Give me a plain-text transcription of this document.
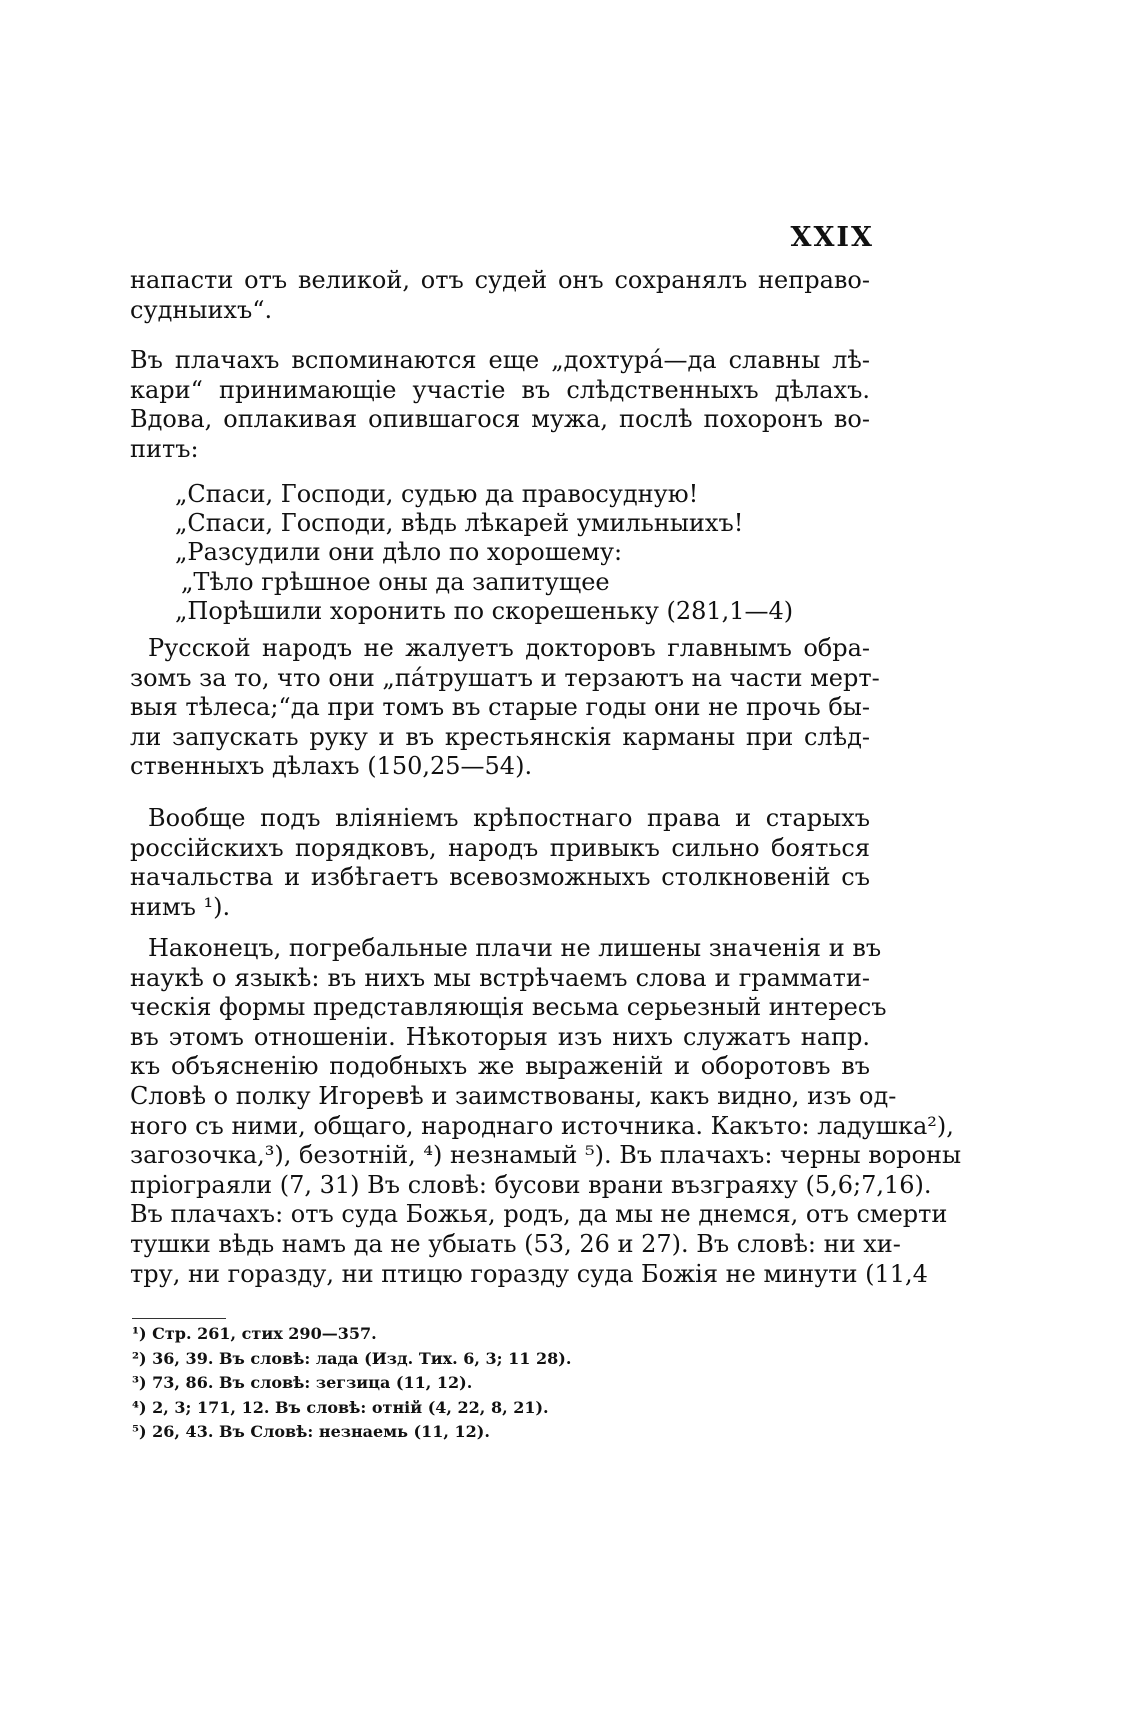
XXIX
напасти отъ великой, отъ судей онъ сохранялъ неправо-
судныихъ“.
Въ плачахъ вспоминаются еще „дохтурá—да славны лѣ-
кари“ принимающіе участіе въ слѣдственныхъ дѣлахъ.
Вдова, оплакивая опившагося мужа, послѣ похоронъ во-
питъ:
„Спаси, Господи, судью да правосудную!
„Спаси, Господи, вѣдь лѣкарей умильныихъ!
„Разсудили они дѣло по хорошему:
„Тѣло грѣшное оны да запитущее
„Порѣшили хоронить по скорешеньку (281,1—4)
Русской народъ не жалуетъ докторовъ главнымъ обра-
зомъ за то, что они „пáтрушатъ и терзаютъ на части мерт-
выя тѣлеса;“да при томъ въ старые годы они не прочь бы-
ли запускать руку и въ крестьянскія карманы при слѣд-
ственныхъ дѣлахъ (150,25—54).
Вообще подъ вліяніемъ крѣпостнаго права и старыхъ
россійскихъ порядковъ, народъ привыкъ сильно бояться
начальства и избѣгаетъ всевозможныхъ столкновеній съ
нимъ ¹).
Наконецъ, погребальные плачи не лишены значенія и въ
наукѣ о языкѣ: въ нихъ мы встрѣчаемъ слова и граммати-
ческія формы представляющія весьма серьезный интересъ
въ этомъ отношеніи. Нѣкоторыя изъ нихъ служатъ напр.
къ объясненію подобныхъ же выраженій и оборотовъ въ
Словѣ о полку Игоревѣ и заимствованы, какъ видно, изъ од-
ного съ ними, общаго, народнаго источника. Какъто: ладушка²),
загозочка,³), безотній, ⁴) незнамый ⁵). Въ плачахъ: черны вороны
прiограяли (7, 31) Въ словѣ: бусови врани възграяху (5,6;7,16).
Въ плачахъ: отъ суда Божья, родъ, да мы не днемся, отъ смерти
тушки вѣдь намъ да не убыать (53, 26 и 27). Въ словѣ: ни хи-
тру, ни горазду, ни птицю горазду суда Божія не минути (11,4
¹) Стр. 261, стих 290—357.
²) 36, 39. Въ словѣ: лада (Изд. Тих. 6, 3; 11 28).
³) 73, 86. Въ словѣ: зегзица (11, 12).
⁴) 2, 3; 171, 12. Въ словѣ: отній (4, 22, 8, 21).
⁵) 26, 43. Въ Словѣ: незнаемь (11, 12).
